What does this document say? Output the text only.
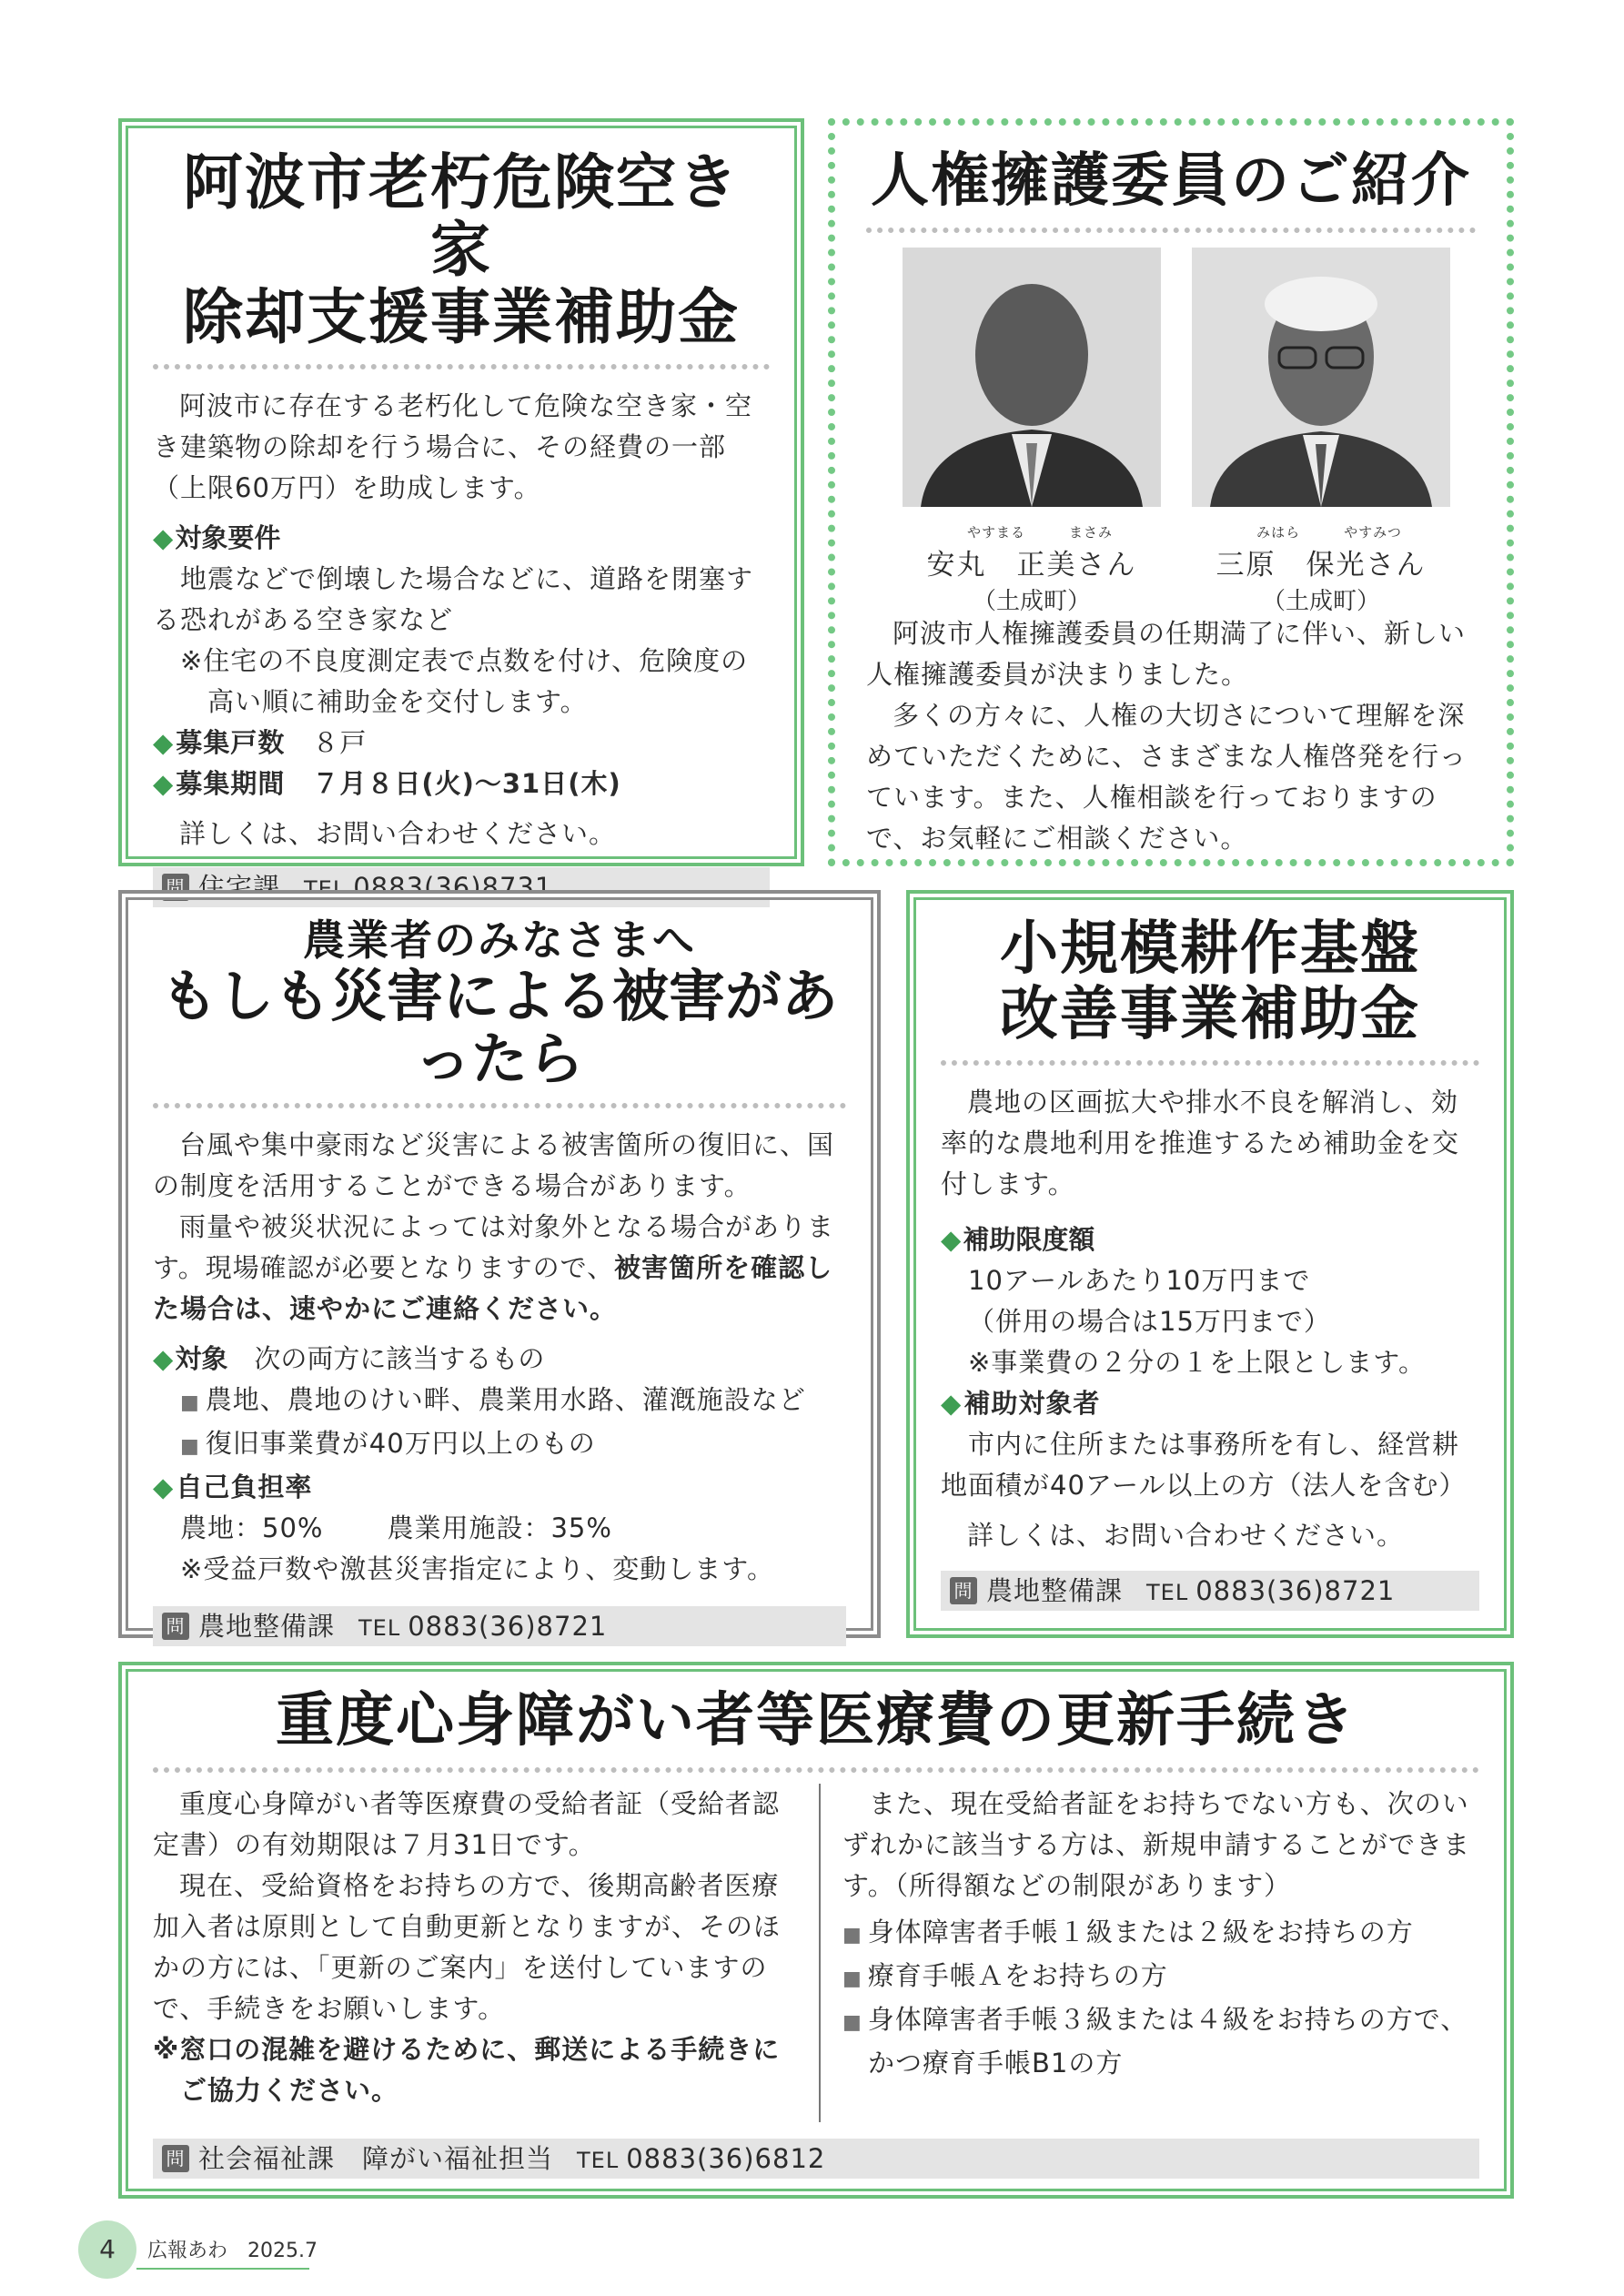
阿波市老朽危険空き家
除却支援事業補助金

阿波市に存在する老朽化して危険な空き家・空き建築物の除却を行う場合に、その経費の一部（上限60万円）を助成します。

◆対象要件

地震などで倒壊した場合などに、道路を閉塞する恐れがある空き家など

※住宅の不良度測定表で点数を付け、危険度の高い順に補助金を交付します。

◆募集戸数　 ８戸

◆募集期間　 ７月８日(火)～31日(木)

詳しくは、お問い合わせください。

問 住宅課 TEL 0883(36)8731
人権擁護委員のご紹介
やすまる　　　	まさみ
安丸　正美さん
（土成町）
みはら　　　	やすみつ
三原　保光さん
（土成町）

阿波市人権擁護委員の任期満了に伴い、新しい人権擁護委員が決まりました。

多くの方々に、人権の大切さについて理解を深めていただくために、さまざまな人権啓発を行っています。また、人権相談を行っておりますので、お気軽にご相談ください。

農業者のみなさまへ
もしも災害による被害があったら

台風や集中豪雨など災害による被害箇所の復旧に、国の制度を活用することができる場合があります。

雨量や被災状況によっては対象外となる場合があります。現場確認が必要となりますので、被害箇所を確認した場合は、速やかにご連絡ください。

◆対象　 次の両方に該当するもの

■ 農地、農地のけい畔、農業用水路、灌漑施設など

■ 復旧事業費が40万円以上のもの

◆自己負担率

農地：50% 農業用施設：35%

※受益戸数や激甚災害指定により、変動します。

問 農地整備課 TEL 0883(36)8721
小規模耕作基盤
改善事業補助金

農地の区画拡大や排水不良を解消し、効率的な農地利用を推進するため補助金を交付します。

◆補助限度額

10アールあたり10万円まで

（併用の場合は15万円まで）

※事業費の２分の１を上限とします。

◆補助対象者

市内に住所または事務所を有し、経営耕地面積が40アール以上の方（法人を含む）

詳しくは、お問い合わせください。

問 農地整備課 TEL 0883(36)8721
重度心身障がい者等医療費の更新手続き

重度心身障がい者等医療費の受給者証（受給者認定書）の有効期限は７月31日です。

現在、受給資格をお持ちの方で、後期高齢者医療加入者は原則として自動更新となりますが、そのほかの方には、「更新のご案内」を送付していますので、手続きをお願いします。

※窓口の混雑を避けるために、郵送による手続きにご協力ください。

また、現在受給者証をお持ちでない方も、次のいずれかに該当する方は、新規申請することができます。（所得額などの制限があります）

■ 身体障害者手帳１級または２級をお持ちの方

■ 療育手帳Ａをお持ちの方

■ 身体障害者手帳３級または４級をお持ちの方で、かつ療育手帳B1の方

問 社会福祉課　障がい福祉担当 TEL 0883(36)6812
4	広報あわ　 2025.7
